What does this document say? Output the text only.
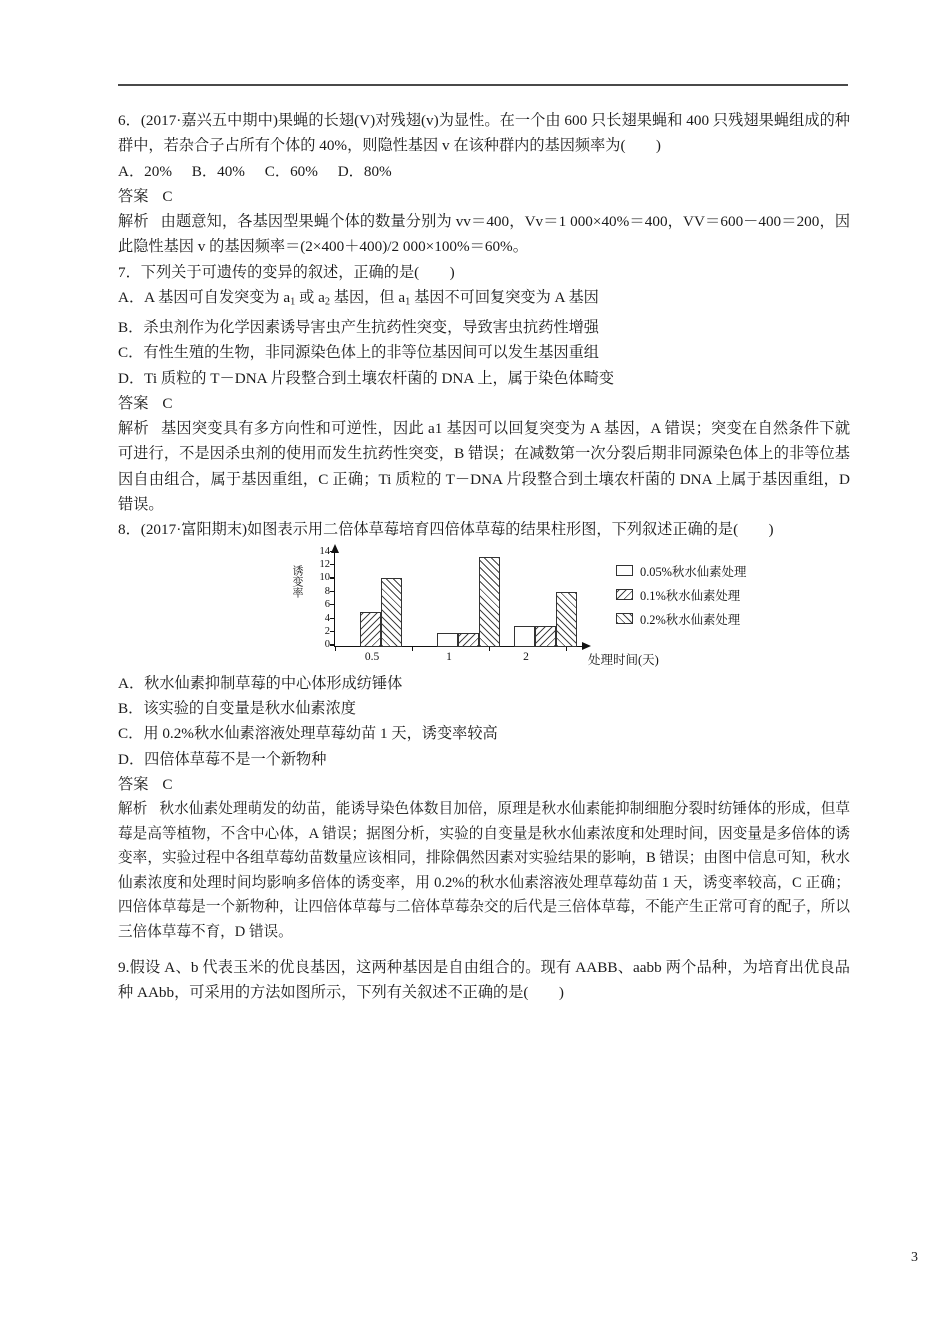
6．(2017·嘉兴五中期中)果蝇的长翅(V)对残翅(v)为显性。在一个由 600 只长翅果蝇和 400 只残翅果蝇组成的种群中，若杂合子占所有个体的 40%，则隐性基因 v 在该种群内的基因频率为(　　)

A．20% B．40% C．60% D．80%

答案 C

解析 由题意知，各基因型果蝇个体的数量分别为 vv＝400，Vv＝1 000×40%＝400，VV＝600－400＝200，因此隐性基因 v 的基因频率＝(2×400＋400)/2 000×100%＝60%。

7．下列关于可遗传的变异的叙述，正确的是(　　)

A．A 基因可自发突变为 $a_1$ 或 $a_2$ 基因，但 $a_1$ 基因不可回复突变为 A 基因

B．杀虫剂作为化学因素诱导害虫产生抗药性突变，导致害虫抗药性增强

C．有性生殖的生物，非同源染色体上的非等位基因间可以发生基因重组

D．Ti 质粒的 T－DNA 片段整合到土壤农杆菌的 DNA 上，属于染色体畸变

答案 C

解析 基因突变具有多方向性和可逆性，因此 a1 基因可以回复突变为 A 基因，A 错误；突变在自然条件下就可进行，不是因杀虫剂的使用而发生抗药性突变，B 错误；在减数第一次分裂后期非同源染色体上的非等位基因自由组合，属于基因重组，C 正确；Ti 质粒的 T－DNA 片段整合到土壤农杆菌的 DNA 上属于基因重组，D 错误。

8．(2017·富阳期末)如图表示用二倍体草莓培育四倍体草莓的结果柱形图，下列叙述正确的是(　　)

诱变率
14
12
10
8
6
4
2
0
0.5	1	2	处理时间(天)
0.05%秋水仙素处理
0.1%秋水仙素处理
0.2%秋水仙素处理

A．秋水仙素抑制草莓的中心体形成纺锤体

B．该实验的自变量是秋水仙素浓度

C．用 0.2%秋水仙素溶液处理草莓幼苗 1 天，诱变率较高

D．四倍体草莓不是一个新物种

答案 C

解析 秋水仙素处理萌发的幼苗，能诱导染色体数目加倍，原理是秋水仙素能抑制细胞分裂时纺锤体的形成，但草莓是高等植物，不含中心体，A 错误；据图分析，实验的自变量是秋水仙素浓度和处理时间，因变量是多倍体的诱变率，实验过程中各组草莓幼苗数量应该相同，排除偶然因素对实验结果的影响，B 错误；由图中信息可知，秋水仙素浓度和处理时间均影响多倍体的诱变率，用 0.2%的秋水仙素溶液处理草莓幼苗 1 天，诱变率较高，C 正确；四倍体草莓是一个新物种，让四倍体草莓与二倍体草莓杂交的后代是三倍体草莓，不能产生正常可育的配子，所以三倍体草莓不育，D 错误。

9.假设 A、b 代表玉米的优良基因，这两种基因是自由组合的。现有 AABB、aabb 两个品种，为培育出优良品种 AAbb，可采用的方法如图所示，下列有关叙述不正确的是(　　)

3
